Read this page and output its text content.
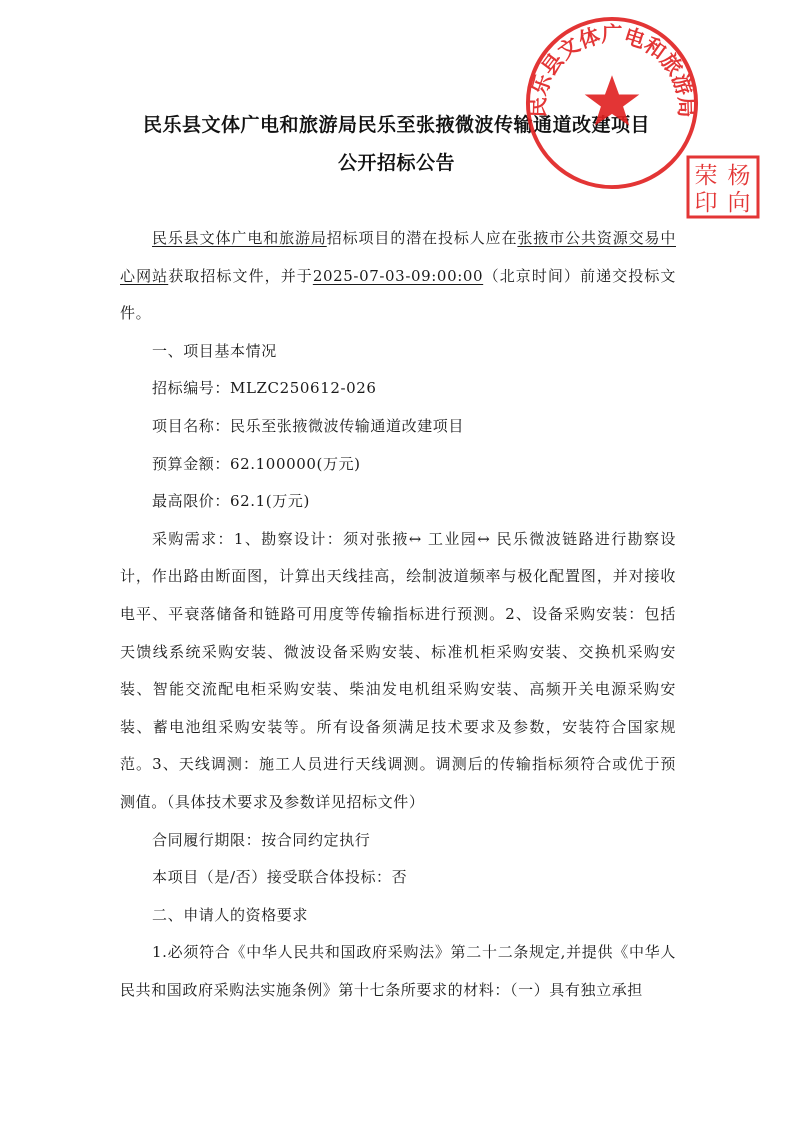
民乐县文体广电和旅游局民乐至张掖微波传输通道改建项目
公开招标公告

民乐县文体广电和旅游局招标项目的潜在投标人应在张掖市公共资源交易中心网站获取招标文件，并于2025-07-03-09:00:00（北京时间）前递交投标文件。

一、项目基本情况

招标编号：MLZC250612-026

项目名称：民乐至张掖微波传输通道改建项目

预算金额：62.100000(万元)

最高限价：62.1(万元)

采购需求：1、勘察设计：须对张掖↔ 工业园↔ 民乐微波链路进行勘察设计，作出路由断面图，计算出天线挂高，绘制波道频率与极化配置图，并对接收电平、平衰落储备和链路可用度等传输指标进行预测。2、设备采购安装：包括天馈线系统采购安装、微波设备采购安装、标准机柜采购安装、交换机采购安装、智能交流配电柜采购安装、柴油发电机组采购安装、高频开关电源采购安装、蓄电池组采购安装等。所有设备须满足技术要求及参数，安装符合国家规范。3、天线调测：施工人员进行天线调测。调测后的传输指标须符合或优于预测值。（具体技术要求及参数详见招标文件）

合同履行期限：按合同约定执行

本项目（是/否）接受联合体投标：否

二、申请人的资格要求

1.必须符合《中华人民共和国政府采购法》第二十二条规定,并提供《中华人民共和国政府采购法实施条例》第十七条所要求的材料：（一）具有独立承担

民乐县文体广电和旅游局
荣 杨
印 向
